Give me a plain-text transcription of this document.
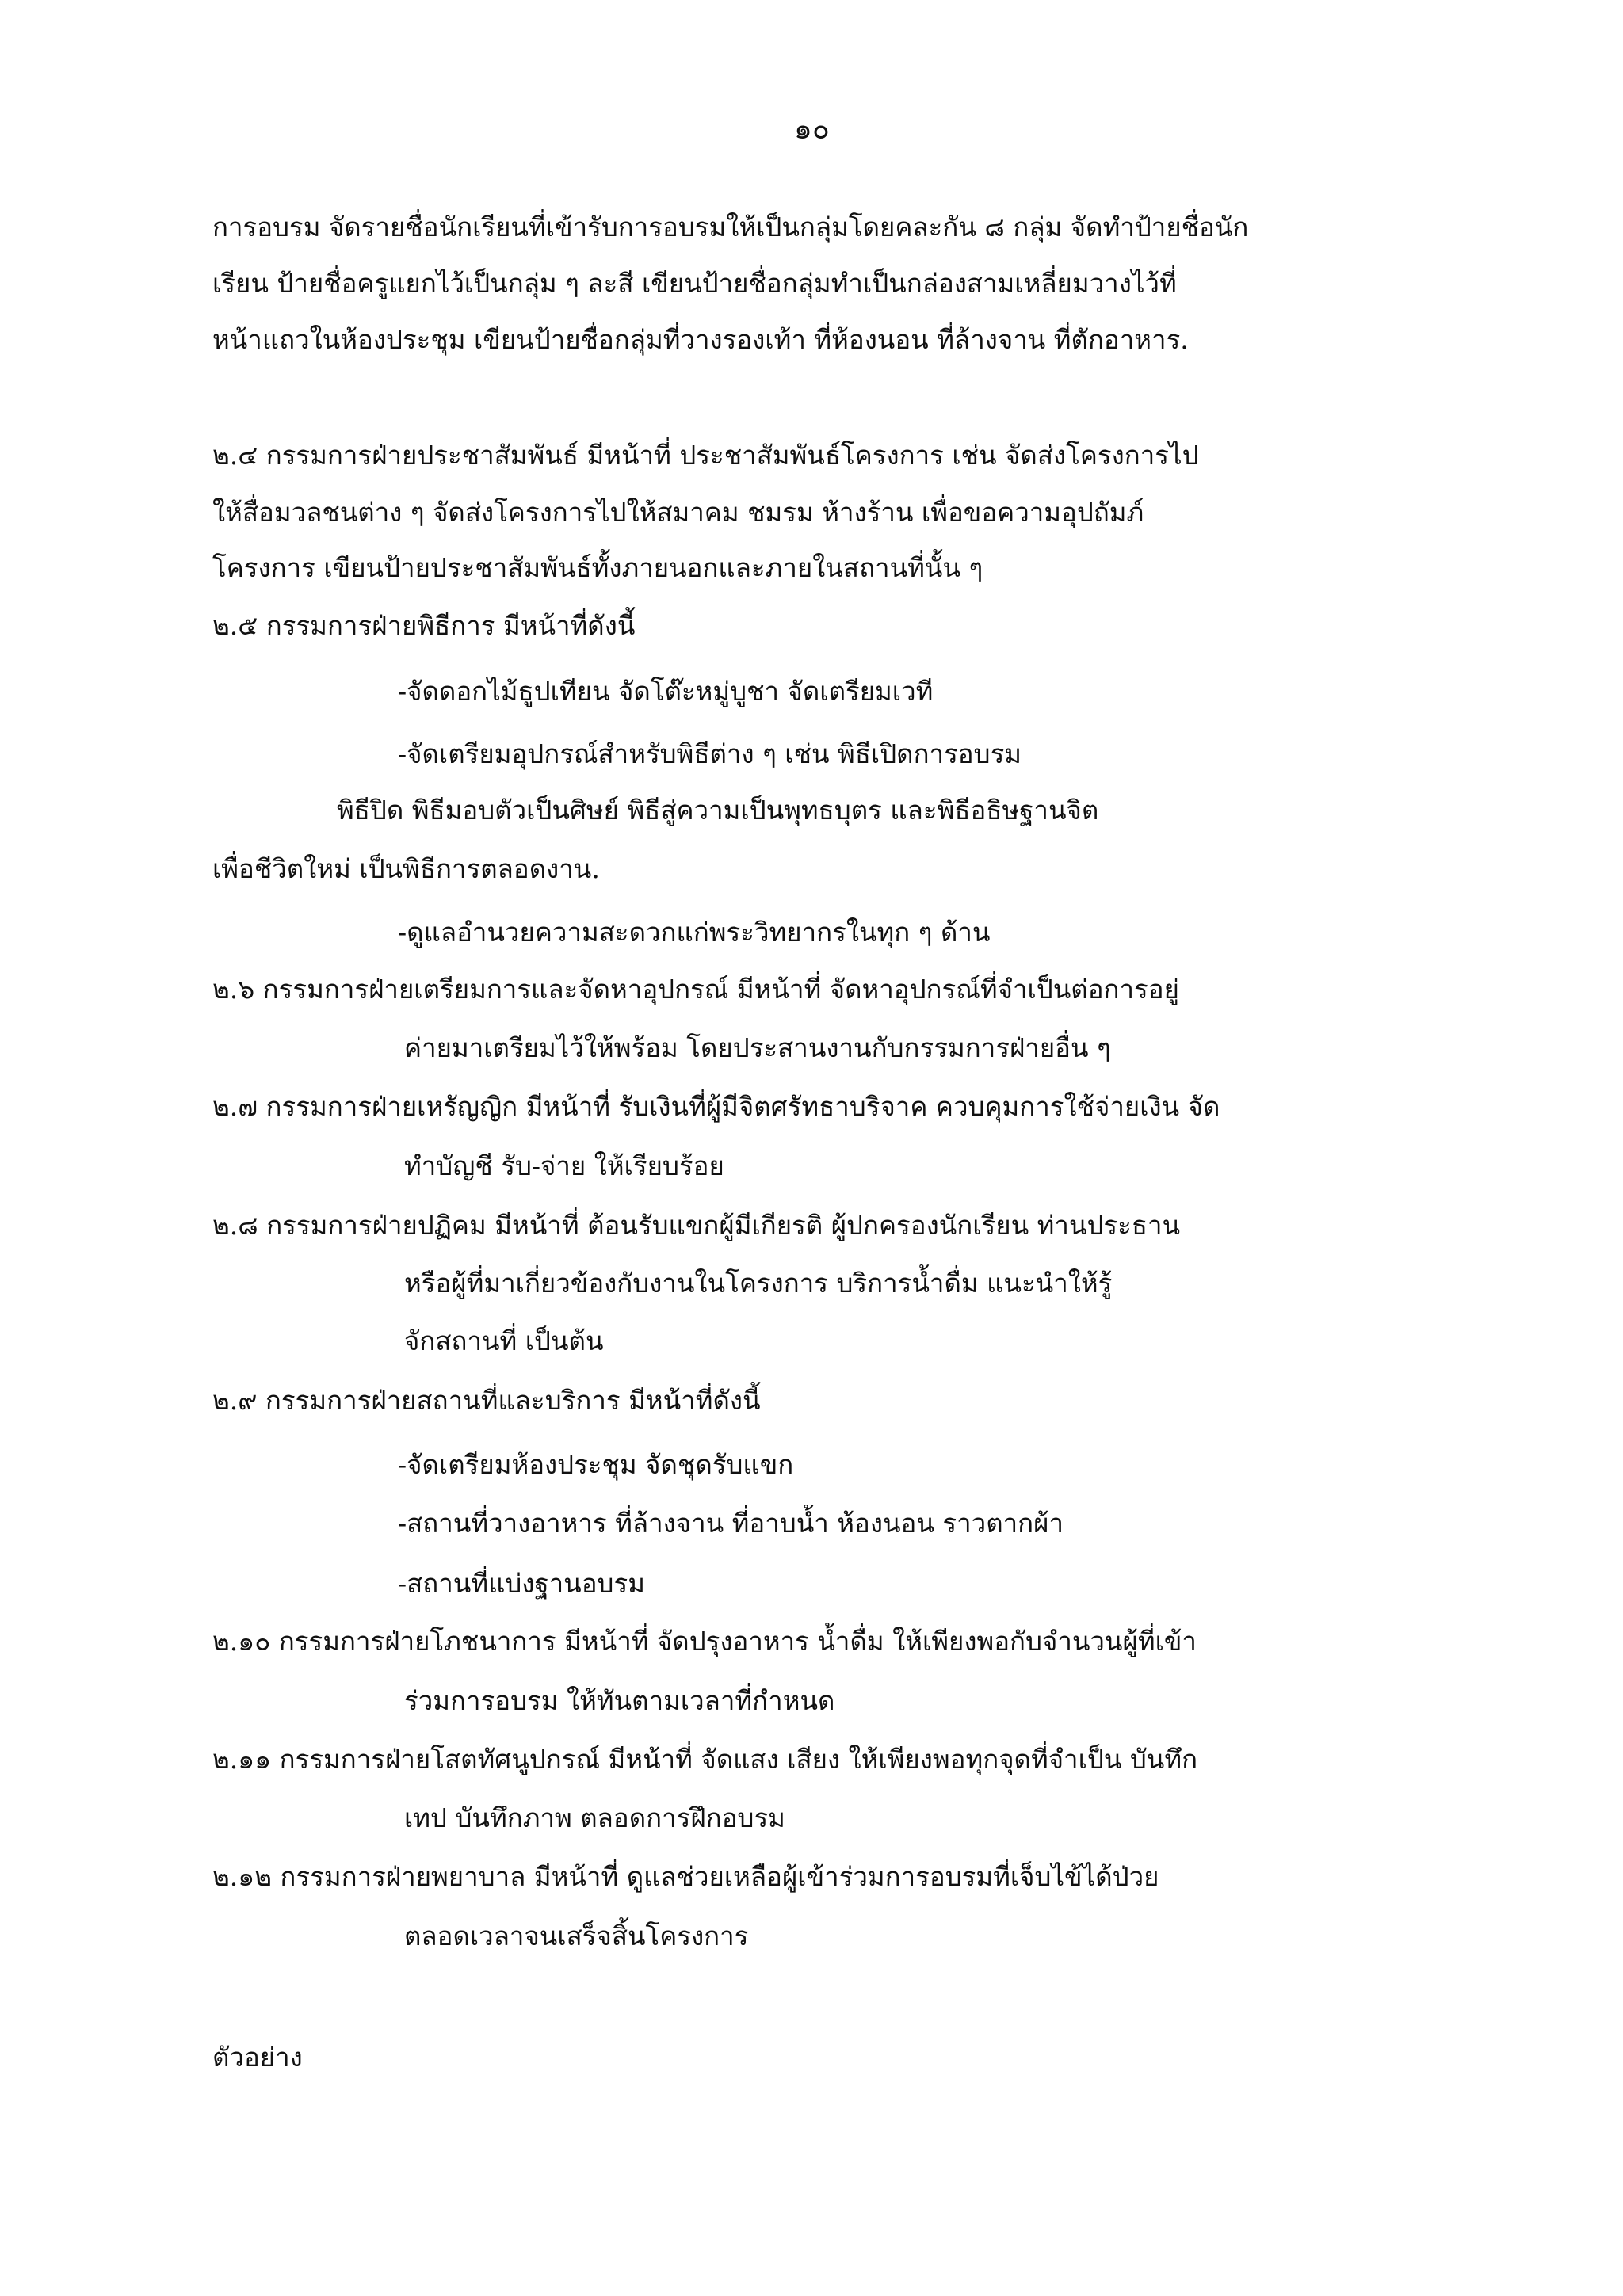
๑๐
การอบรม จัดรายชื่อนักเรียนที่เข้ารับการอบรมให้เป็นกลุ่มโดยคละกัน ๘ กลุ่ม จัดทำป้ายชื่อนัก
เรียน ป้ายชื่อครูแยกไว้เป็นกลุ่ม ๆ ละสี เขียนป้ายชื่อกลุ่มทำเป็นกล่องสามเหลี่ยมวางไว้ที่
หน้าแถวในห้องประชุม เขียนป้ายชื่อกลุ่มที่วางรองเท้า ที่ห้องนอน ที่ล้างจาน ที่ตักอาหาร.
๒.๔ กรรมการฝ่ายประชาสัมพันธ์ มีหน้าที่ ประชาสัมพันธ์โครงการ เช่น จัดส่งโครงการไป
ให้สื่อมวลชนต่าง ๆ จัดส่งโครงการไปให้สมาคม ชมรม ห้างร้าน เพื่อขอความอุปถัมภ์
โครงการ เขียนป้ายประชาสัมพันธ์ทั้งภายนอกและภายในสถานที่นั้น ๆ
๒.๕ กรรมการฝ่ายพิธีการ มีหน้าที่ดังนี้
-จัดดอกไม้ธูปเทียน จัดโต๊ะหมู่บูชา จัดเตรียมเวที
-จัดเตรียมอุปกรณ์สำหรับพิธีต่าง ๆ เช่น พิธีเปิดการอบรม
พิธีปิด พิธีมอบตัวเป็นศิษย์ พิธีสู่ความเป็นพุทธบุตร และพิธีอธิษฐานจิต
เพื่อชีวิตใหม่ เป็นพิธีการตลอดงาน.
-ดูแลอำนวยความสะดวกแก่พระวิทยากรในทุก ๆ ด้าน
๒.๖ กรรมการฝ่ายเตรียมการและจัดหาอุปกรณ์ มีหน้าที่ จัดหาอุปกรณ์ที่จำเป็นต่อการอยู่
ค่ายมาเตรียมไว้ให้พร้อม โดยประสานงานกับกรรมการฝ่ายอื่น ๆ
๒.๗ กรรมการฝ่ายเหรัญญิก มีหน้าที่ รับเงินที่ผู้มีจิตศรัทธาบริจาค ควบคุมการใช้จ่ายเงิน จัด
ทำบัญชี รับ-จ่าย ให้เรียบร้อย
๒.๘ กรรมการฝ่ายปฏิคม มีหน้าที่ ต้อนรับแขกผู้มีเกียรติ ผู้ปกครองนักเรียน ท่านประธาน
หรือผู้ที่มาเกี่ยวข้องกับงานในโครงการ บริการน้ำดื่ม แนะนำให้รู้
จักสถานที่ เป็นต้น
๒.๙ กรรมการฝ่ายสถานที่และบริการ มีหน้าที่ดังนี้
-จัดเตรียมห้องประชุม จัดชุดรับแขก
-สถานที่วางอาหาร ที่ล้างจาน ที่อาบน้ำ ห้องนอน ราวตากผ้า
-สถานที่แบ่งฐานอบรม
๒.๑๐ กรรมการฝ่ายโภชนาการ มีหน้าที่ จัดปรุงอาหาร น้ำดื่ม ให้เพียงพอกับจำนวนผู้ที่เข้า
ร่วมการอบรม ให้ทันตามเวลาที่กำหนด
๒.๑๑ กรรมการฝ่ายโสตทัศนูปกรณ์ มีหน้าที่ จัดแสง เสียง ให้เพียงพอทุกจุดที่จำเป็น บันทึก
เทป บันทึกภาพ ตลอดการฝึกอบรม
๒.๑๒ กรรมการฝ่ายพยาบาล มีหน้าที่ ดูแลช่วยเหลือผู้เข้าร่วมการอบรมที่เจ็บไข้ได้ป่วย
ตลอดเวลาจนเสร็จสิ้นโครงการ
ตัวอย่าง
